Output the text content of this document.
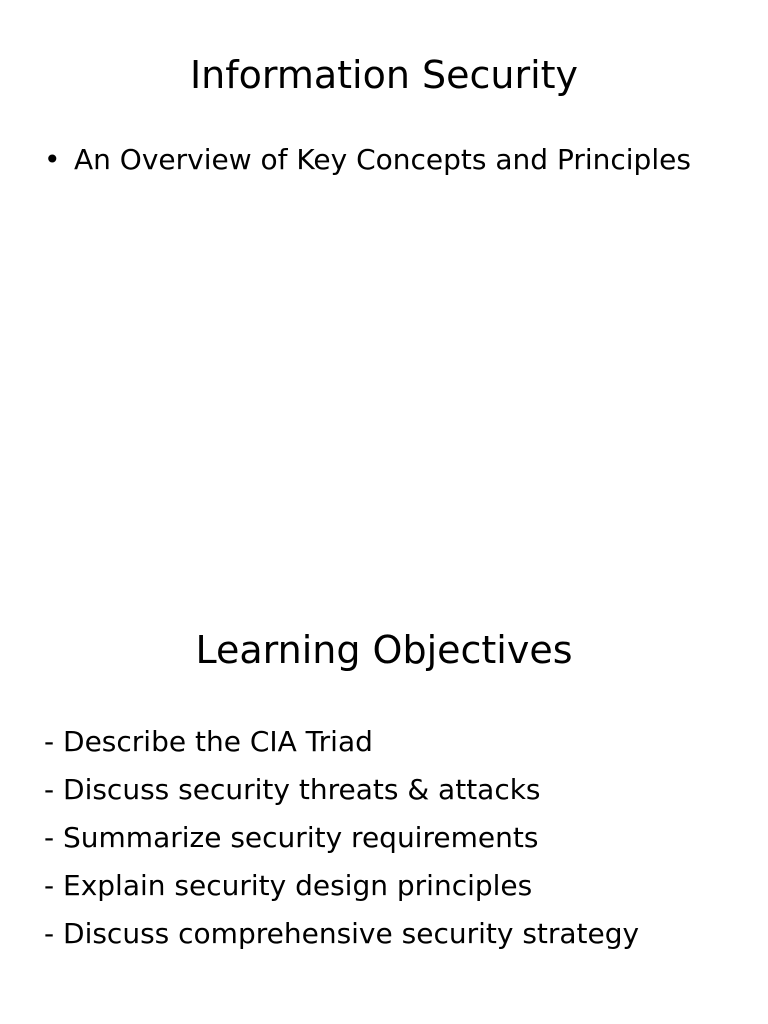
Information Security
• An Overview of Key Concepts and Principles
Learning Objectives
- Describe the CIA Triad
- Discuss security threats & attacks
- Summarize security requirements
- Explain security design principles
- Discuss comprehensive security strategy
